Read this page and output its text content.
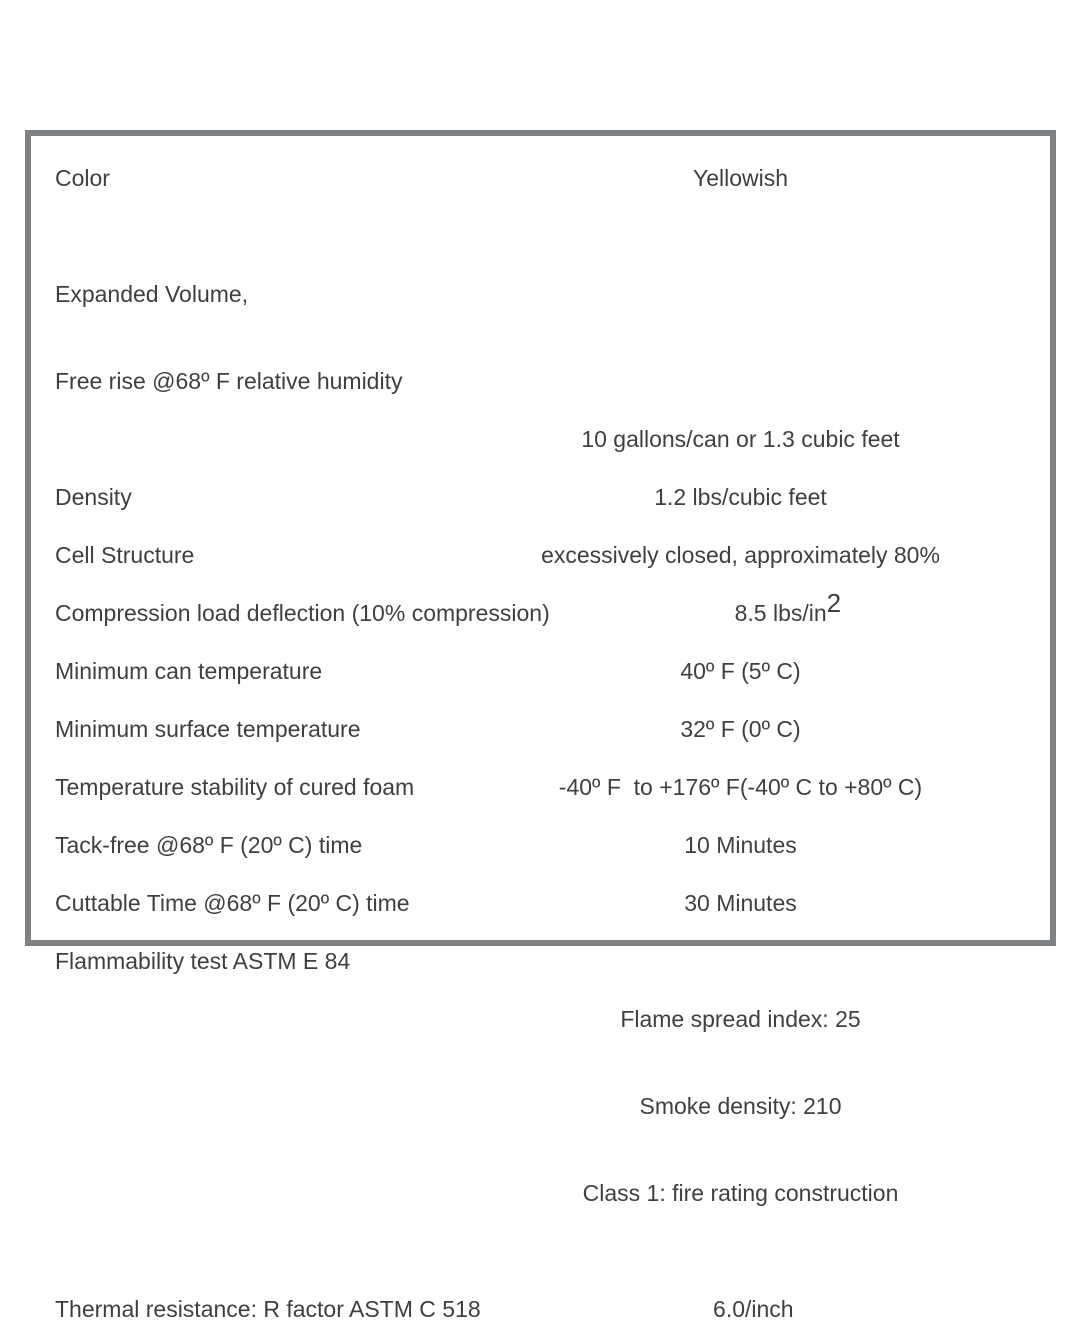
Color	Yellowish

Expanded Volume,

Free rise @68º F relative humidity

10 gallons/can or 1.3 cubic feet
Density	1.2 lbs/cubic feet
Cell Structure	excessively closed, approximately 80%
Compression load deflection (10% compression)	8.5 lbs/in2
Minimum can temperature	40º F (5º C)
Minimum surface temperature	32º F (0º C)
Temperature stability of cured foam	-40º F  to +176º F(-40º C to +80º C)
Tack-free @68º F (20º C) time	10 Minutes
Cuttable Time @68º F (20º C) time	30 Minutes
Flammability test ASTM E 84

Flame spread index: 25

Smoke density: 210

Class 1: fire rating construction

Thermal resistance: R factor ASTM C 518	6.0/inch
